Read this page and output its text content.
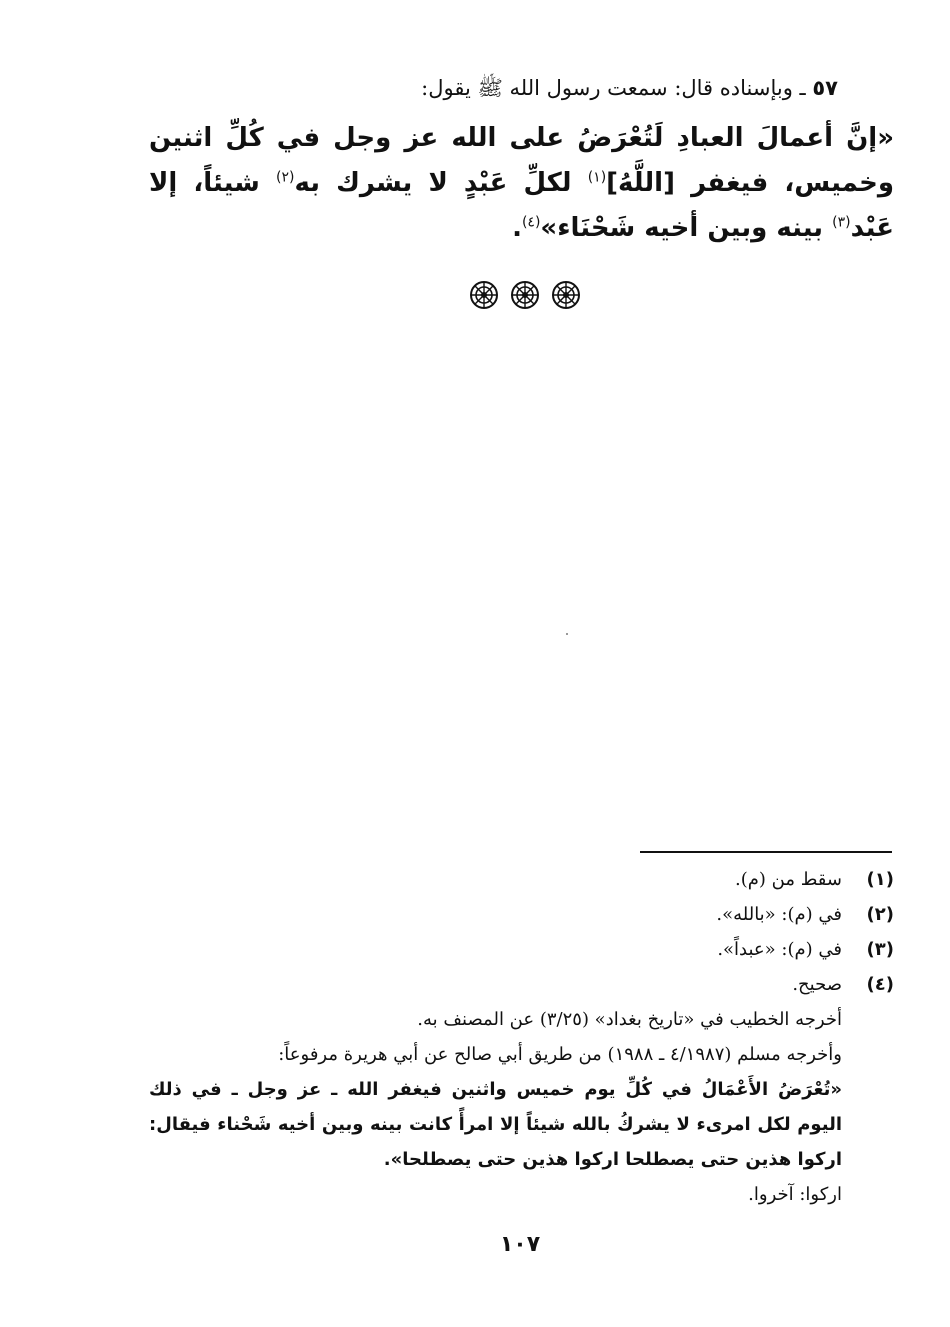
٥٧ ـ وبإسناده قال: سمعت رسول الله ﷺ يقول:
«إنَّ أعمالَ العبادِ لَتُعْرَضُ على الله عز وجل في كُلِّ اثنين وخميس، فيغفر [اللَّهُ]$^{(١)}$ لكلِّ عَبْدٍ لا يشرك به$^{(٢)}$ شيئاً، إلا عَبْد$^{(٣)}$ بينه وبين أخيه شَحْنَاء»$^{(٤)}$.
(١)
سقط من (م).
(٢)
في (م): «بالله».
(٣)
في (م): «عبداً».
(٤)
صحيح.
أخرجه الخطيب في «تاريخ بغداد» (٣/٢٥) عن المصنف به.
وأخرجه مسلم (٤/١٩٨٧ ـ ١٩٨٨) من طريق أبي صالح عن أبي هريرة مرفوعاً:
«تُعْرَضُ الأَعْمَالُ في كُلِّ يوم خميس واثنين فيغفر الله ـ عز وجل ـ في ذلك اليوم لكل امرىء لا يشركُ بالله شيئاً إلا امرأً كانت بينه وبين أخيه شَحْناء فيقال: اركوا هذين حتى يصطلحا اركوا هذين حتى يصطلحا».
اركوا: آخروا.
١٠٧
